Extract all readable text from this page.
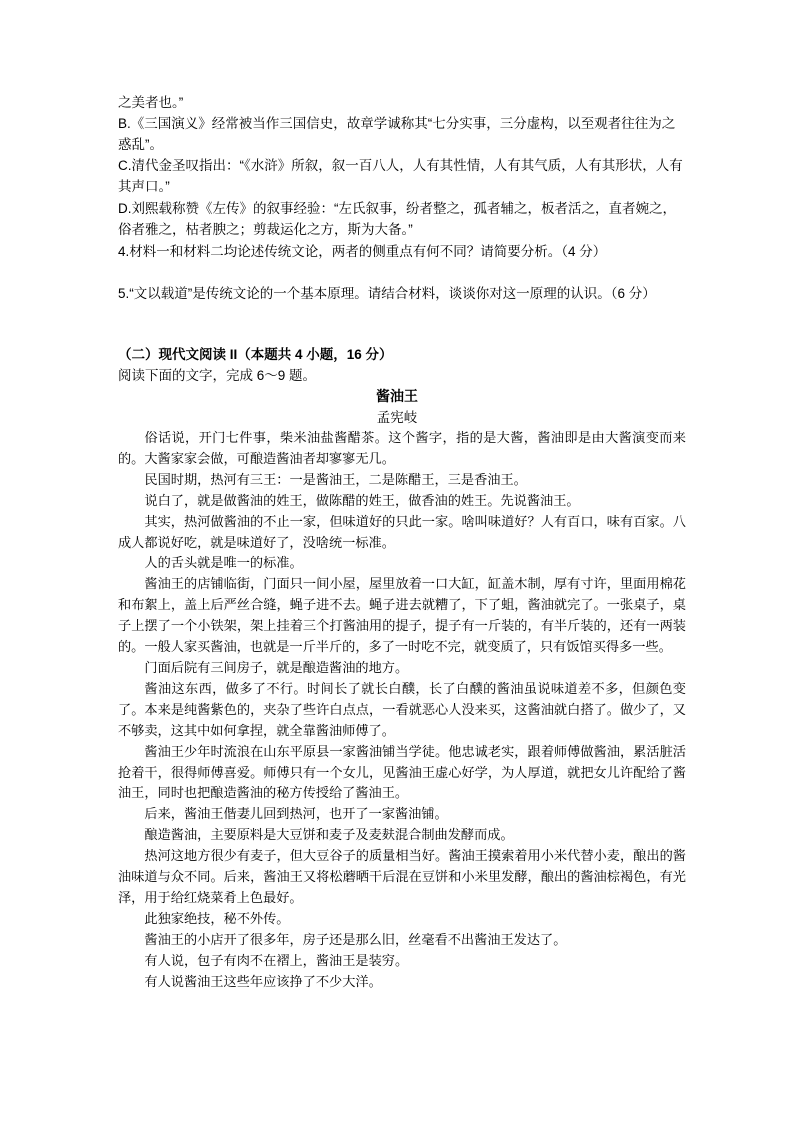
之美者也。”

B.《三国演义》经常被当作三国信史，故章学诚称其“七分实事，三分虚构，以至观者往往为之惑乱”。

C.清代金圣叹指出：“《水浒》所叙，叙一百八人，人有其性情，人有其气质，人有其形状，人有其声口。”

D.刘熙载称赞《左传》的叙事经验：“左氏叙事，纷者整之，孤者辅之，板者活之，直者婉之，俗者雅之，枯者腴之；剪裁运化之方，斯为大备。”

4.材料一和材料二均论述传统文论，两者的侧重点有何不同？请简要分析。（4 分）

5.“文以载道”是传统文论的一个基本原理。请结合材料，谈谈你对这一原理的认识。（6 分）

（二）现代文阅读 II（本题共 4 小题，16 分）

阅读下面的文字，完成 6～9 题。

酱油王
孟宪岐

俗话说，开门七件事，柴米油盐酱醋茶。这个酱字，指的是大酱，酱油即是由大酱演变而来的。大酱家家会做，可酿造酱油者却寥寥无几。

民国时期，热河有三王：一是酱油王，二是陈醋王，三是香油王。

说白了，就是做酱油的姓王，做陈醋的姓王，做香油的姓王。先说酱油王。

其实，热河做酱油的不止一家，但味道好的只此一家。啥叫味道好？人有百口，味有百家。八成人都说好吃，就是味道好了，没啥统一标准。

人的舌头就是唯一的标准。

酱油王的店铺临街，门面只一间小屋，屋里放着一口大缸，缸盖木制，厚有寸许，里面用棉花和布絮上，盖上后严丝合缝，蝇子进不去。蝇子进去就糟了，下了蛆，酱油就完了。一张桌子，桌子上摆了一个小铁架，架上挂着三个打酱油用的提子，提子有一斤装的，有半斤装的，还有一两装的。一般人家买酱油，也就是一斤半斤的，多了一时吃不完，就变质了，只有饭馆买得多一些。

门面后院有三间房子，就是酿造酱油的地方。

酱油这东西，做多了不行。时间长了就长白醭，长了白醭的酱油虽说味道差不多，但颜色变了。本来是纯酱紫色的，夹杂了些许白点点，一看就恶心人没来买，这酱油就白搭了。做少了，又不够卖，这其中如何拿捏，就全靠酱油师傅了。

酱油王少年时流浪在山东平原县一家酱油铺当学徒。他忠诚老实，跟着师傅做酱油，累活脏活抢着干，很得师傅喜爱。师傅只有一个女儿，见酱油王虚心好学，为人厚道，就把女儿许配给了酱油王，同时也把酿造酱油的秘方传授给了酱油王。

后来，酱油王偕妻儿回到热河，也开了一家酱油铺。

酿造酱油，主要原料是大豆饼和麦子及麦麸混合制曲发酵而成。

热河这地方很少有麦子，但大豆谷子的质量相当好。酱油王摸索着用小米代替小麦，酿出的酱油味道与众不同。后来，酱油王又将松蘑晒干后混在豆饼和小米里发酵，酿出的酱油棕褐色，有光泽，用于给红烧菜肴上色最好。

此独家绝技，秘不外传。

酱油王的小店开了很多年，房子还是那么旧，丝毫看不出酱油王发达了。

有人说，包子有肉不在褶上，酱油王是装穷。

有人说酱油王这些年应该挣了不少大洋。
